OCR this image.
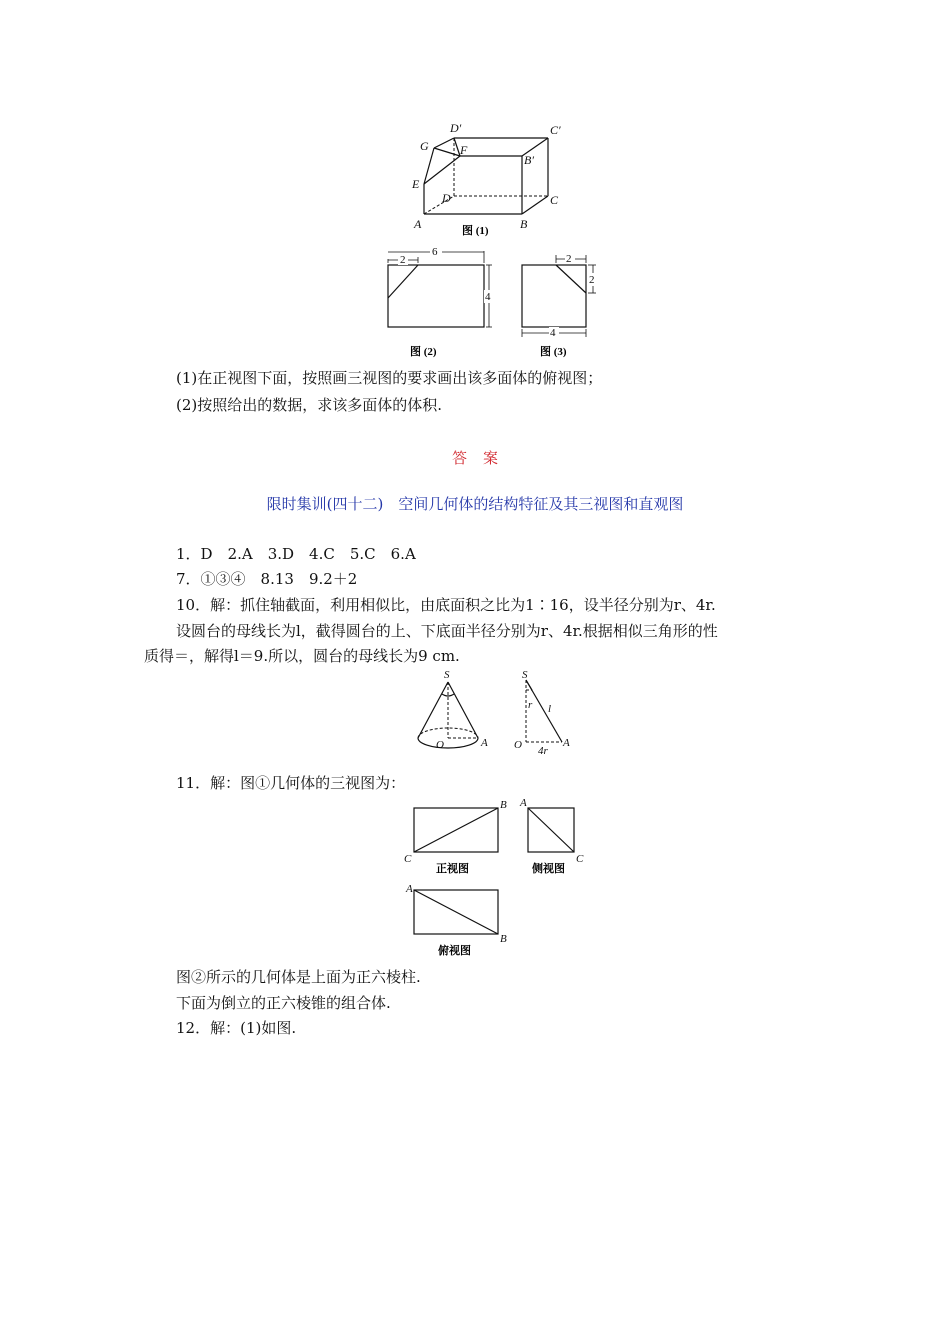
D′	C′
G	F
B′
E
D	C
A	B
图 (1)
6
2
4
图 (2)
2
2
4
图 (3)
(1)在正视图下面，按照画三视图的要求画出该多面体的俯视图；
(2)按照给出的数据，求该多面体的体积.
答案
限时集训(四十二)　空间几何体的结构特征及其三视图和直观图
1．D　2.A　3.D　4.C　5.C　6.A
7．①③④　8.13　9.2＋2
10．解：抓住轴截面，利用相似比，由底面积之比为1∶16，设半径分别为r、4r.
设圆台的母线长为l，截得圆台的上、下底面半径分别为r、4r.根据相似三角形的性
质得＝，解得l＝9.所以，圆台的母线长为9 cm.
S
O	A
S
r l
O	A
4r
11．解：图①几何体的三视图为：
B
C
A
C
A
B
正视图	侧视图
俯视图
图②所示的几何体是上面为正六棱柱.
下面为倒立的正六棱锥的组合体.
12．解：(1)如图.
